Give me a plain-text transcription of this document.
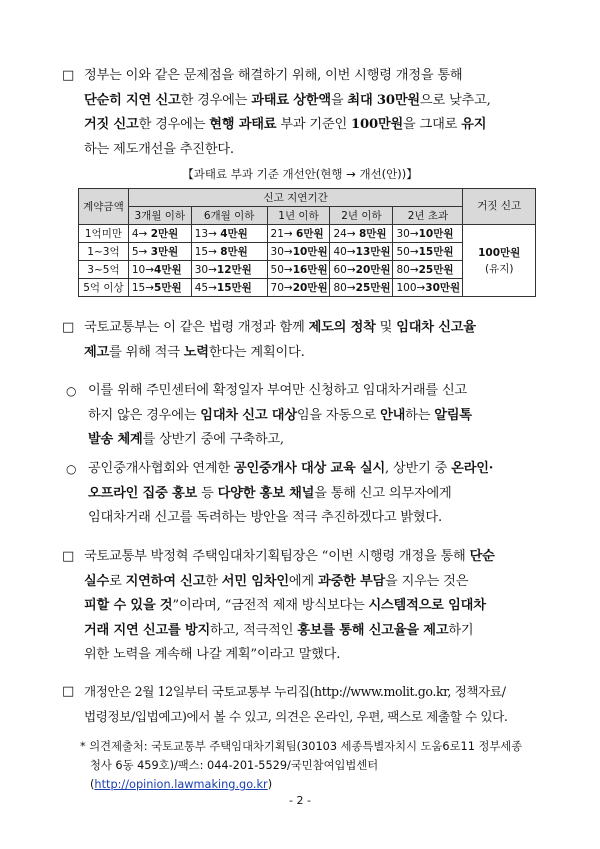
□ 정부는 이와 같은 문제점을 해결하기 위해, 이번 시행령 개정을 통해
단순히 지연 신고한 경우에는 과태료 상한액을 최대 30만원으로 낮추고,
거짓 신고한 경우에는 현행 과태료 부과 기준인 100만원을 그대로 유지
하는 제도개선을 추진한다.
【과태료 부과 기준 개선안(현행 → 개선(안))】
계약금액	신고 지연기간					거짓 신고
	3개월 이하	6개월 이하	1년 이하	2년 이하	2년 초과	
1억미만	4→ 2만원	13→ 4만원	21→ 6만원	24→ 8만원	30→10만원	100만원
(유지)

1~3억	5→ 3만원	15→ 8만원	30→10만원	40→13만원	50→15만원	
3~5억	10→4만원	30→12만원	50→16만원	60→20만원	80→25만원	
5억 이상	15→5만원	45→15만원	70→20만원	80→25만원	100→30만원	
□ 국토교통부는 이 같은 법령 개정과 함께 제도의 정착 및 임대차 신고율
제고를 위해 적극 노력한다는 계획이다.
○ 이를 위해 주민센터에 확정일자 부여만 신청하고 임대차거래를 신고
하지 않은 경우에는 임대차 신고 대상임을 자동으로 안내하는 알림톡
발송 체계를 상반기 중에 구축하고,
○ 공인중개사협회와 연계한 공인중개사 대상 교육 실시, 상반기 중 온라인·
오프라인 집중 홍보 등 다양한 홍보 채널을 통해 신고 의무자에게
임대차거래 신고를 독려하는 방안을 적극 추진하겠다고 밝혔다.
□ 국토교통부 박정혁 주택임대차기획팀장은 “이번 시행령 개정을 통해 단순
실수로 지연하여 신고한 서민 임차인에게 과중한 부담을 지우는 것은
피할 수 있을 것”이라며, “금전적 제재 방식보다는 시스템적으로 임대차
거래 지연 신고를 방지하고, 적극적인 홍보를 통해 신고율을 제고하기
위한 노력을 계속해 나갈 계획”이라고 말했다.
□ 개정안은 2월 12일부터 국토교통부 누리집(http://www.molit.go.kr, 정책자료/
법령정보/입법예고)에서 볼 수 있고, 의견은 온라인, 우편, 팩스로 제출할 수 있다.
* 의견제출처: 국토교통부 주택임대차기획팀(30103 세종특별자치시 도움6로11 정부세종
청사 6동 459호)/팩스: 044-201-5529/국민참여입법센터(http://opinion.lawmaking.go.kr)
- 2 -
